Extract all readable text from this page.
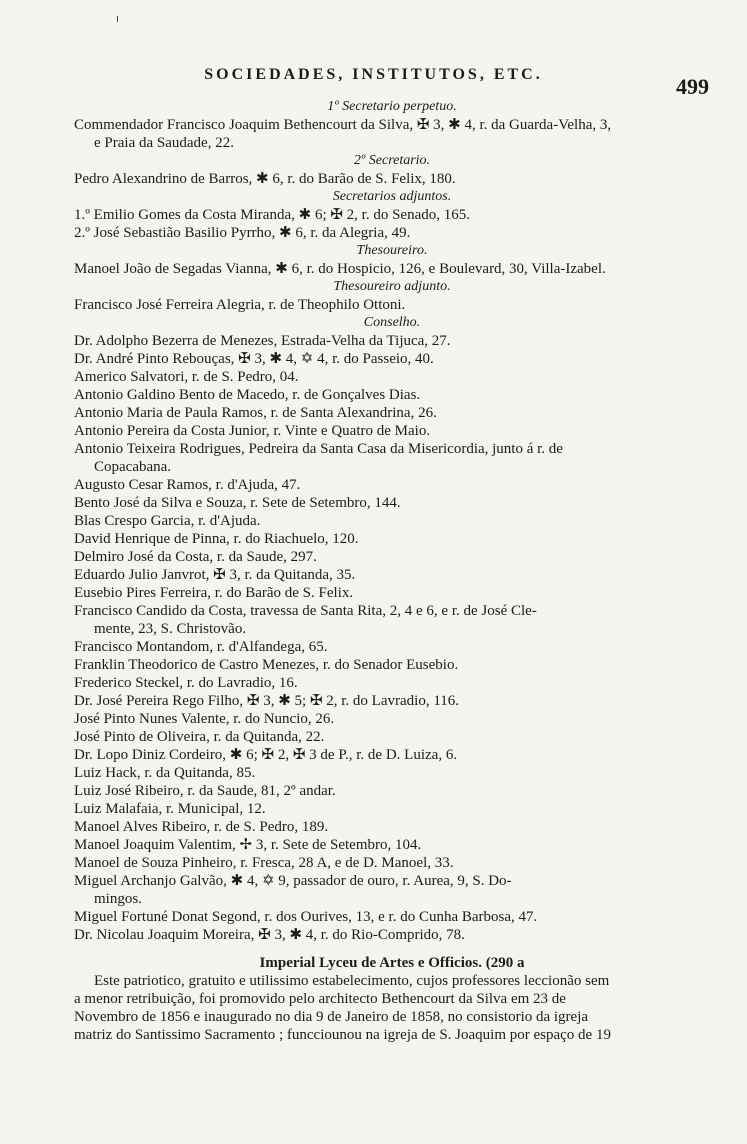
SOCIEDADES, INSTITUTOS, ETC.	499
1º Secretario perpetuo.
Commendador Francisco Joaquim Bethencourt da Silva, ✠ 3, ✱ 4, r. da Guarda-Velha, 3,
e Praia da Saudade, 22.
2º Secretario.
Pedro Alexandrino de Barros, ✱ 6, r. do Barão de S. Felix, 180.
Secretarios adjuntos.
1.º Emilio Gomes da Costa Miranda, ✱ 6; ✠ 2, r. do Senado, 165.
2.º José Sebastião Basilio Pyrrho, ✱ 6, r. da Alegria, 49.
Thesoureiro.
Manoel João de Segadas Vianna, ✱ 6, r. do Hospicio, 126, e Boulevard, 30, Villa-Izabel.
Thesoureiro adjunto.
Francisco José Ferreira Alegria, r. de Theophilo Ottoni.
Conselho.
Dr. Adolpho Bezerra de Menezes, Estrada-Velha da Tijuca, 27.
Dr. André Pinto Rebouças, ✠ 3, ✱ 4, ✡ 4, r. do Passeio, 40.
Americo Salvatori, r. de S. Pedro, 04.
Antonio Galdino Bento de Macedo, r. de Gonçalves Dias.
Antonio Maria de Paula Ramos, r. de Santa Alexandrina, 26.
Antonio Pereira da Costa Junior, r. Vinte e Quatro de Maio.
Antonio Teixeira Rodrigues, Pedreira da Santa Casa da Misericordia, junto á r. de
Copacabana.
Augusto Cesar Ramos, r. d'Ajuda, 47.
Bento José da Silva e Souza, r. Sete de Setembro, 144.
Blas Crespo Garcia, r. d'Ajuda.
David Henrique de Pinna, r. do Riachuelo, 120.
Delmiro José da Costa, r. da Saude, 297.
Eduardo Julio Janvrot, ✠ 3, r. da Quitanda, 35.
Eusebio Pires Ferreira, r. do Barão de S. Felix.
Francisco Candido da Costa, travessa de Santa Rita, 2, 4 e 6, e r. de José Cle-
mente, 23, S. Christovão.
Francisco Montandom, r. d'Alfandega, 65.
Franklin Theodorico de Castro Menezes, r. do Senador Eusebio.
Frederico Steckel, r. do Lavradio, 16.
Dr. José Pereira Rego Filho, ✠ 3, ✱ 5; ✠ 2, r. do Lavradio, 116.
José Pinto Nunes Valente, r. do Nuncio, 26.
José Pinto de Oliveira, r. da Quitanda, 22.
Dr. Lopo Diniz Cordeiro, ✱ 6; ✠ 2, ✠ 3 de P., r. de D. Luiza, 6.
Luiz Hack, r. da Quitanda, 85.
Luiz José Ribeiro, r. da Saude, 81, 2º andar.
Luiz Malafaia, r. Municipal, 12.
Manoel Alves Ribeiro, r. de S. Pedro, 189.
Manoel Joaquim Valentim, ✢ 3, r. Sete de Setembro, 104.
Manoel de Souza Pinheiro, r. Fresca, 28 A, e de D. Manoel, 33.
Miguel Archanjo Galvão, ✱ 4, ✡ 9, passador de ouro, r. Aurea, 9, S. Do-
mingos.
Miguel Fortuné Donat Segond, r. dos Ourives, 13, e r. do Cunha Barbosa, 47.
Dr. Nicolau Joaquim Moreira, ✠ 3, ✱ 4, r. do Rio-Comprido, 78.
Imperial Lyceu de Artes e Officios. (290 a
Este patriotico, gratuito e utilissimo estabelecimento, cujos professores leccionão sem
a menor retribuição, foi promovido pelo architecto Bethencourt da Silva em 23 de
Novembro de 1856 e inaugurado no dia 9 de Janeiro de 1858, no consistorio da igreja
matriz do Santissimo Sacramento ; funcciounou na igreja de S. Joaquim por espaço de 19
